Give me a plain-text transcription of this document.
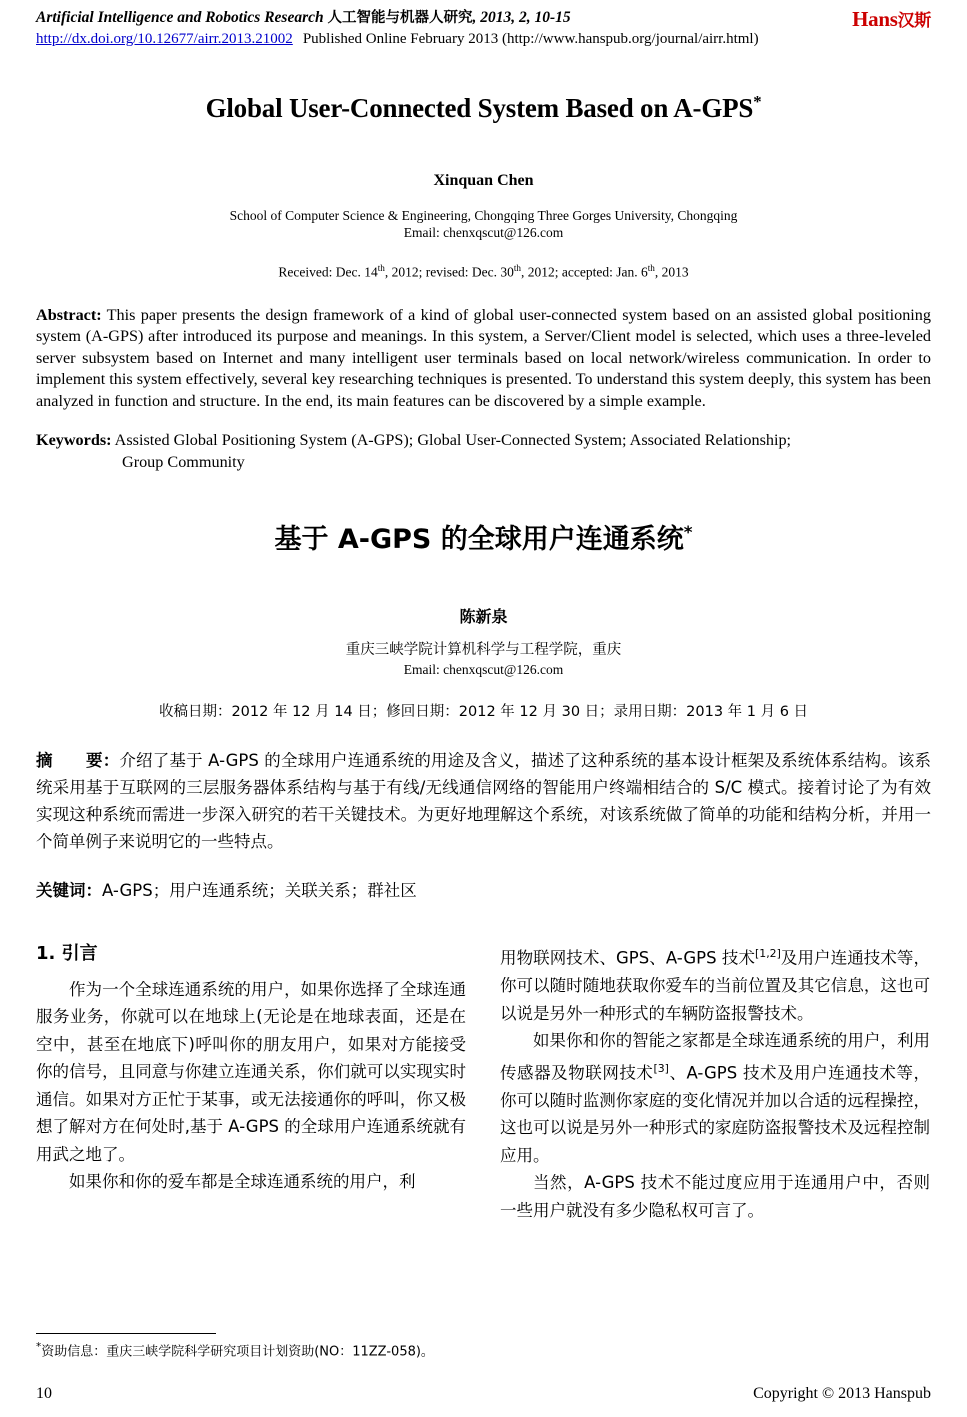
Artificial Intelligence and Robotics Research 人工智能与机器人研究, 2013, 2, 10-15
http://dx.doi.org/10.12677/airr.2013.21002 Published Online February 2013 (http://www.hanspub.org/journal/airr.html)
Hans汉斯
Global User-Connected System Based on A-GPS*
Xinquan Chen
School of Computer Science & Engineering, Chongqing Three Gorges University, Chongqing
Email: chenxqscut@126.com
Received: Dec. 14th, 2012; revised: Dec. 30th, 2012; accepted: Jan. 6th, 2013
Abstract: This paper presents the design framework of a kind of global user-connected system based on an assisted global positioning system (A-GPS) after introduced its purpose and meanings. In this system, a Server/Client model is selected, which uses a three-leveled server subsystem based on Internet and many intelligent user terminals based on local network/wireless communication. In order to implement this system effectively, several key researching techniques is presented. To understand this system deeply, this system has been analyzed in function and structure. In the end, its main features can be discovered by a simple example.
Keywords: Assisted Global Positioning System (A-GPS); Global User-Connected System; Associated Relationship;
Group Community
基于 A-GPS 的全球用户连通系统*
陈新泉
重庆三峡学院计算机科学与工程学院，重庆
Email: chenxqscut@126.com
收稿日期：2012 年 12 月 14 日；修回日期：2012 年 12 月 30 日；录用日期：2013 年 1 月 6 日
摘　　要：介绍了基于 A-GPS 的全球用户连通系统的用途及含义，描述了这种系统的基本设计框架及系统体系结构。该系统采用基于互联网的三层服务器体系结构与基于有线/无线通信网络的智能用户终端相结合的 S/C 模式。接着讨论了为有效实现这种系统而需进一步深入研究的若干关键技术。为更好地理解这个系统，对该系统做了简单的功能和结构分析，并用一个简单例子来说明它的一些特点。
关键词：A-GPS；用户连通系统；关联关系；群社区
1. 引言
作为一个全球连通系统的用户，如果你选择了全球连通服务业务，你就可以在地球上(无论是在地球表面，还是在空中，甚至在地底下)呼叫你的朋友用户，如果对方能接受你的信号，且同意与你建立连通关系，你们就可以实现实时通信。如果对方正忙于某事，或无法接通你的呼叫，你又极想了解对方在何处时,基于 A-GPS 的全球用户连通系统就有用武之地了。
如果你和你的爱车都是全球连通系统的用户，利
用物联网技术、GPS、A-GPS 技术[1,2]及用户连通技术等，你可以随时随地获取你爱车的当前位置及其它信息，这也可以说是另外一种形式的车辆防盗报警技术。
如果你和你的智能之家都是全球连通系统的用户，利用传感器及物联网技术[3]、A-GPS 技术及用户连通技术等，你可以随时监测你家庭的变化情况并加以合适的远程操控，这也可以说是另外一种形式的家庭防盗报警技术及远程控制应用。
当然，A-GPS 技术不能过度应用于连通用户中，否则一些用户就没有多少隐私权可言了。
*资助信息：重庆三峡学院科学研究项目计划资助(NO：11ZZ-058)。
10	Copyright © 2013 Hanspub
